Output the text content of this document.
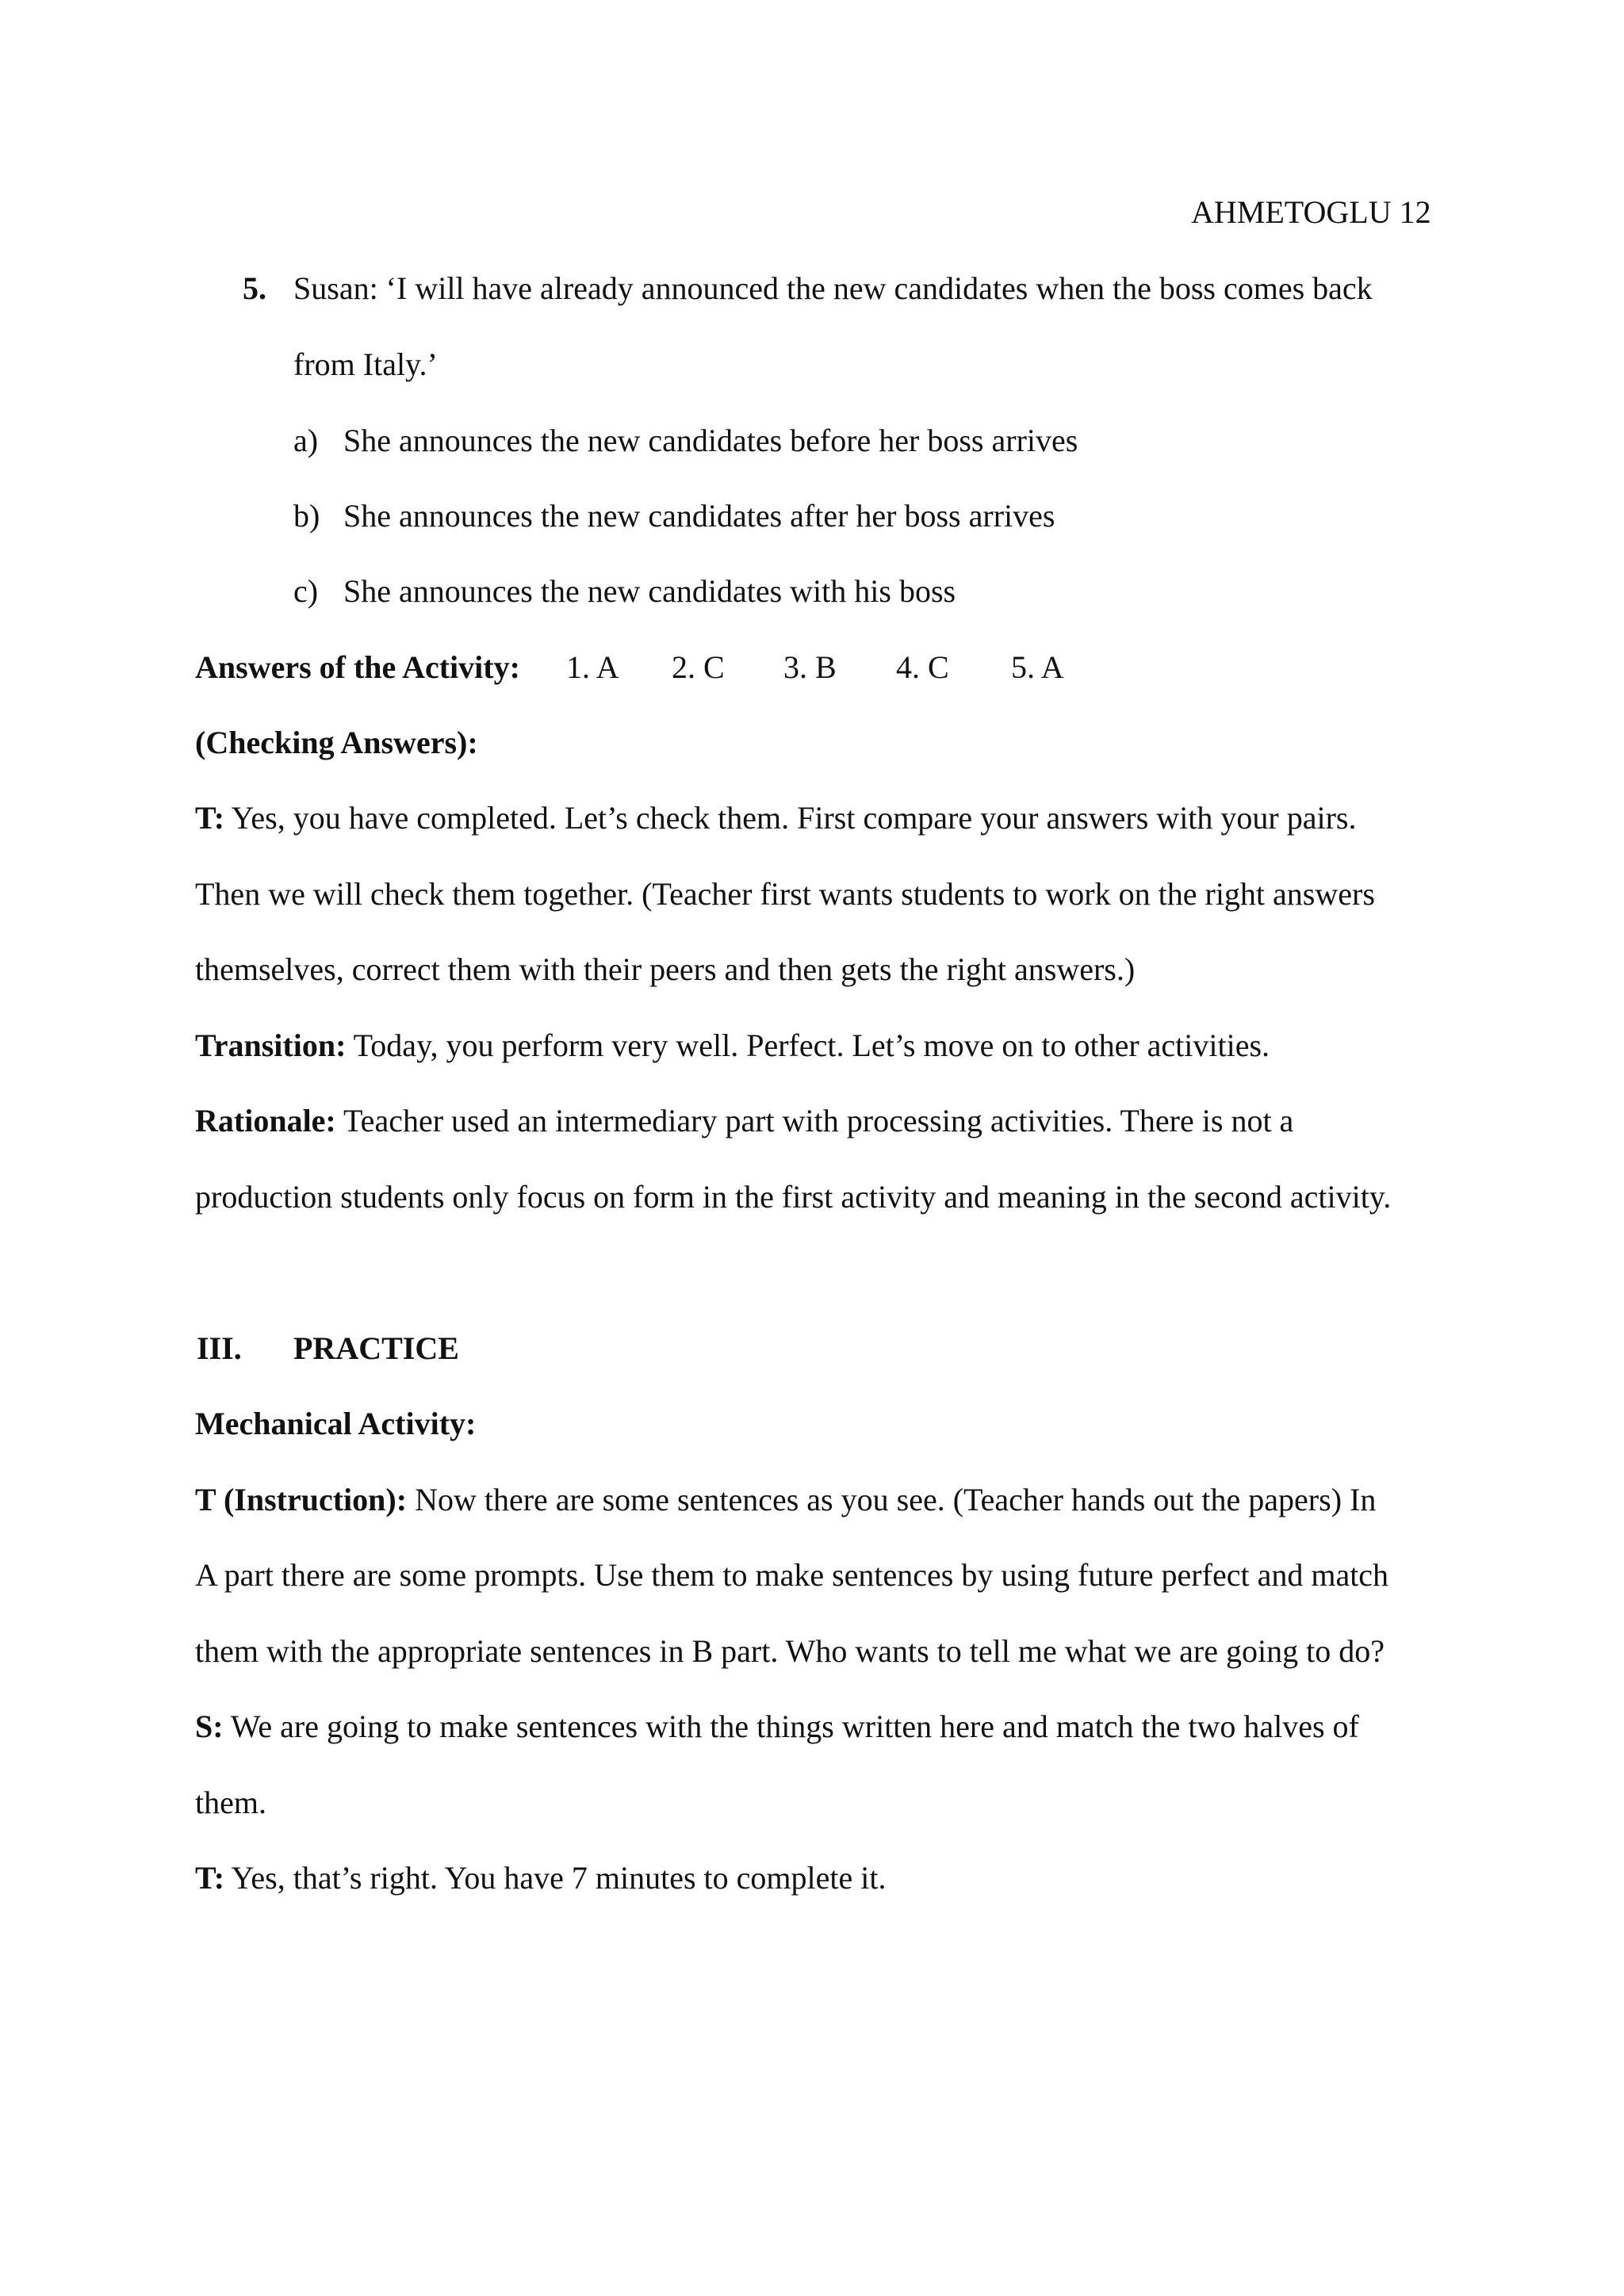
AHMETOGLU 12
5. Susan: ‘I will have already announced the new candidates when the boss comes back
from Italy.’
a) She announces the new candidates before her boss arrives
b) She announces the new candidates after her boss arrives
c) She announces the new candidates with his boss
Answers of the Activity: 1. A 2. C 3. B 4. C 5. A
(Checking Answers):
T: Yes, you have completed. Let’s check them. First compare your answers with your pairs.
Then we will check them together. (Teacher first wants students to work on the right answers
themselves, correct them with their peers and then gets the right answers.)
Transition: Today, you perform very well. Perfect. Let’s move on to other activities.
Rationale: Teacher used an intermediary part with processing activities. There is not a
production students only focus on form in the first activity and meaning in the second activity.
III. PRACTICE
Mechanical Activity:
T (Instruction): Now there are some sentences as you see. (Teacher hands out the papers) In
A part there are some prompts. Use them to make sentences by using future perfect and match
them with the appropriate sentences in B part. Who wants to tell me what we are going to do?
S: We are going to make sentences with the things written here and match the two halves of
them.
T: Yes, that’s right. You have 7 minutes to complete it.
